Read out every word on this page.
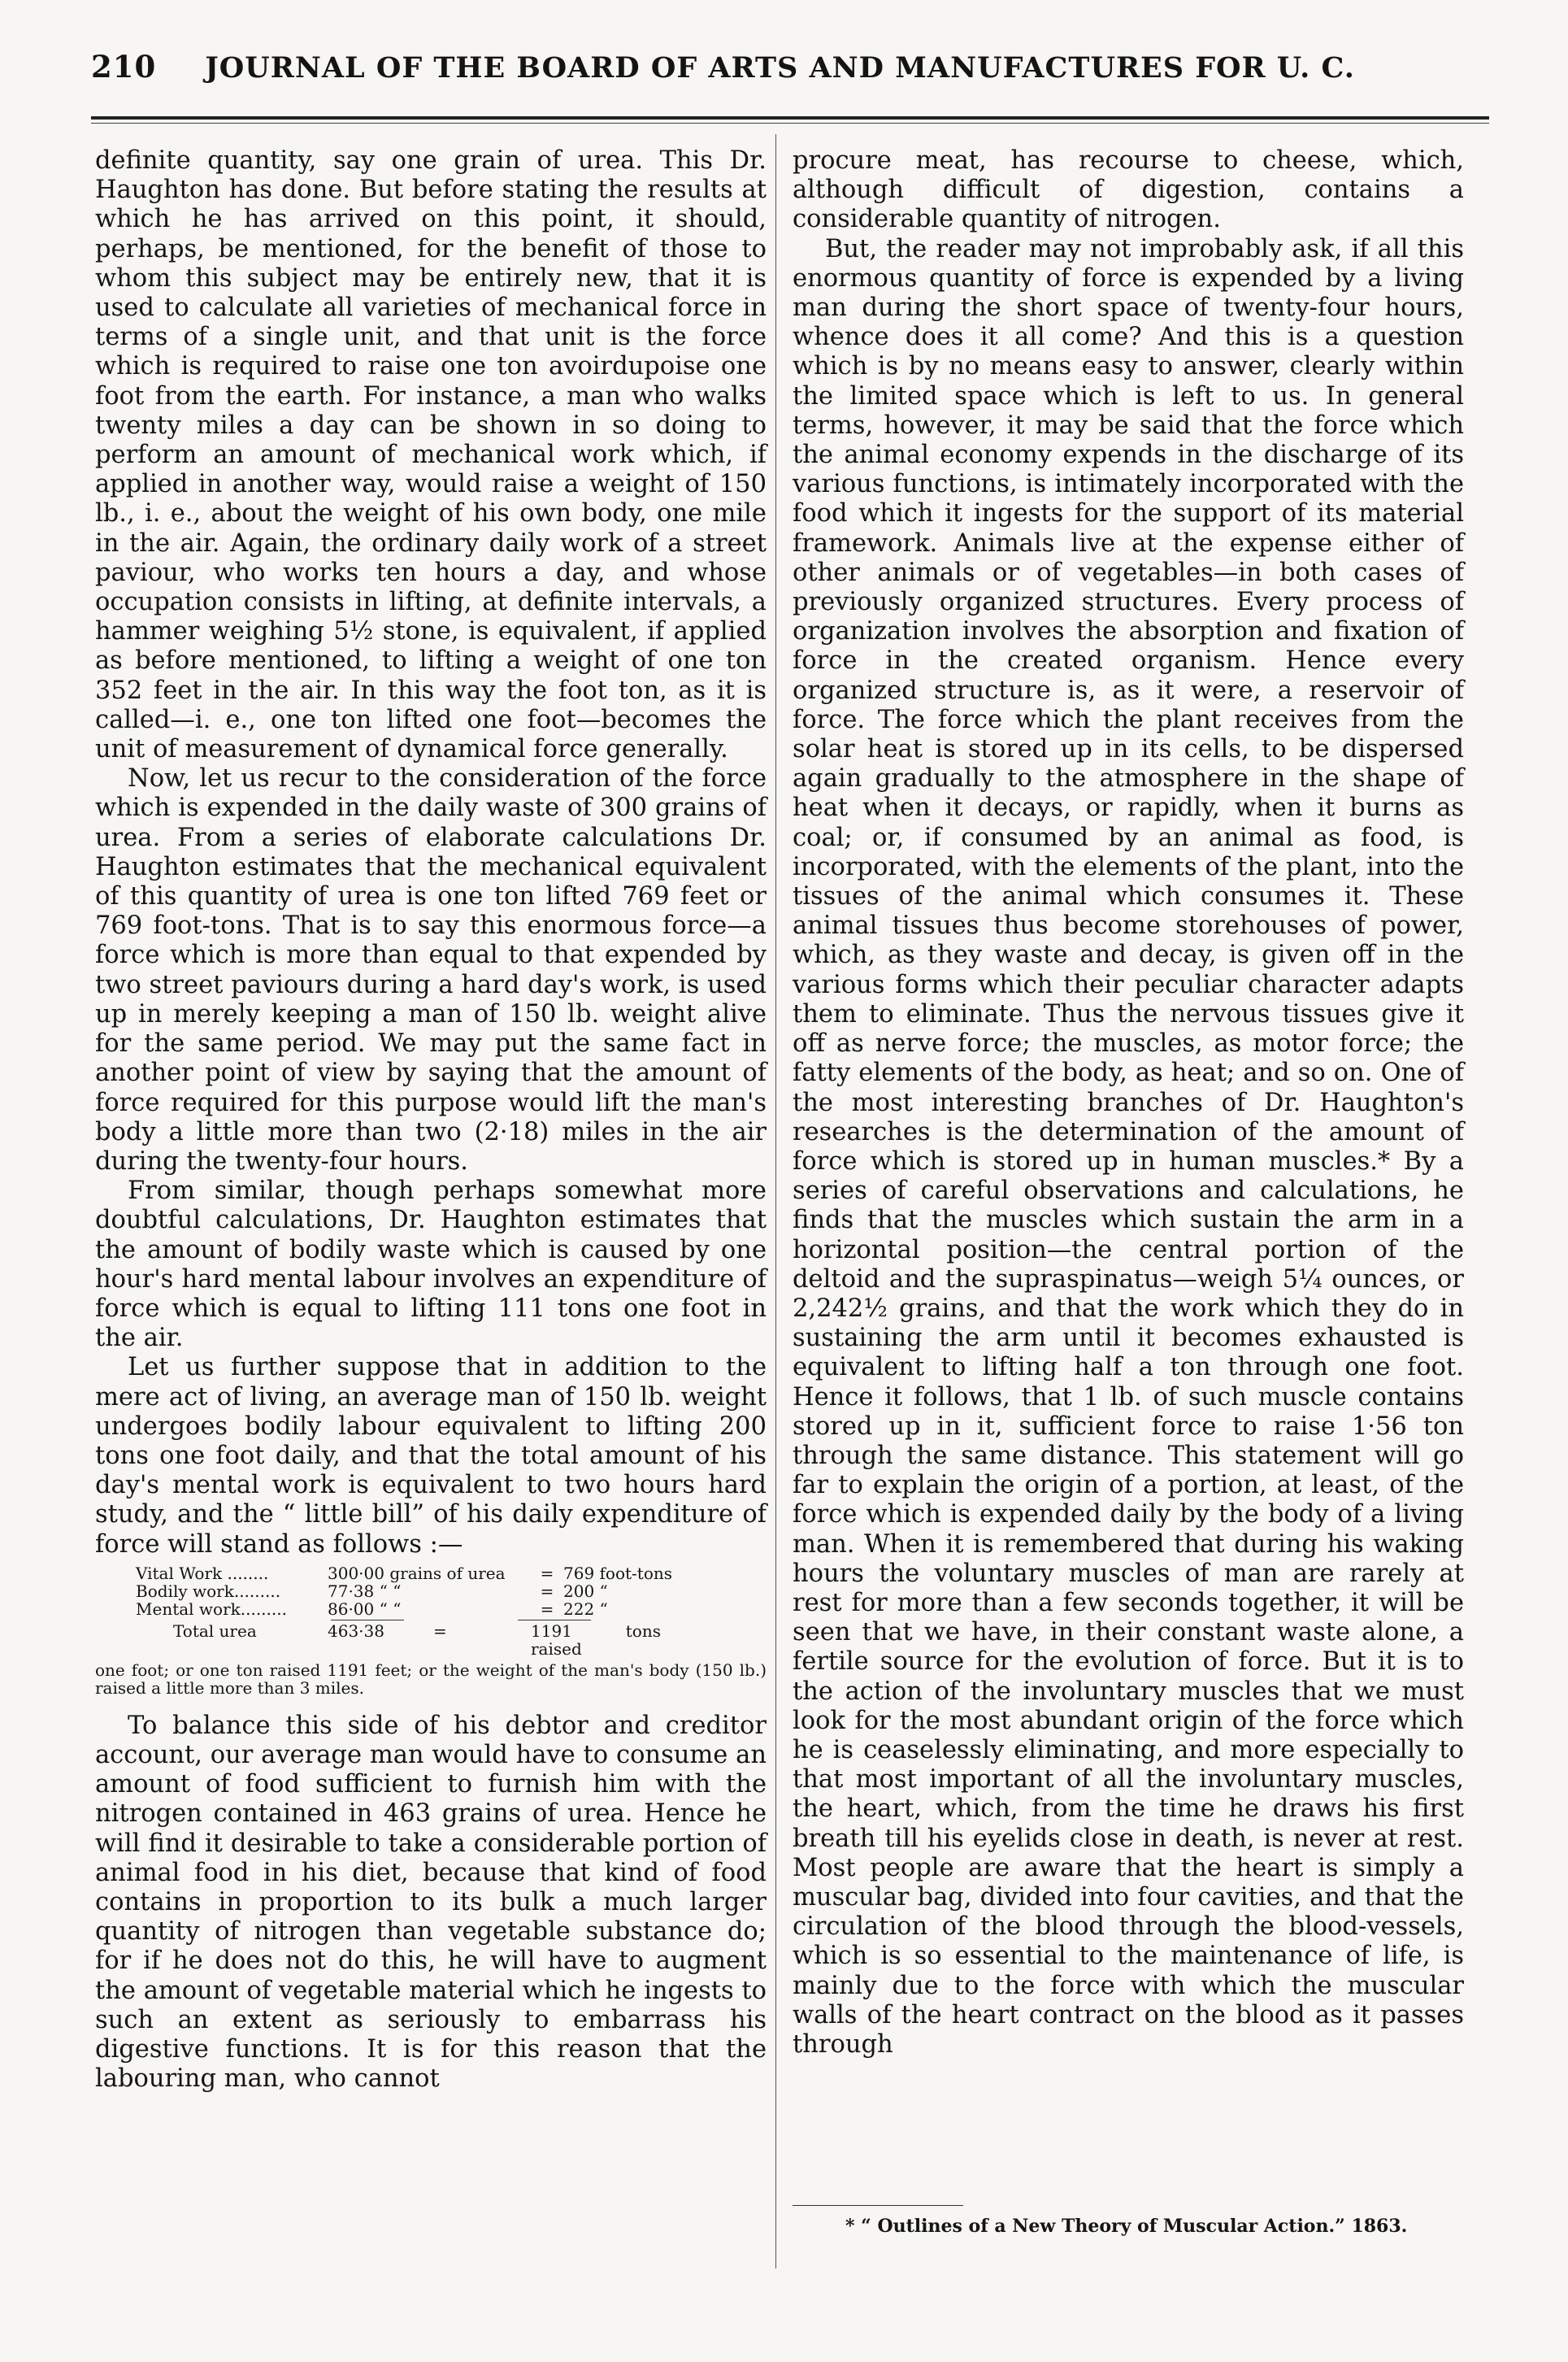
210 JOURNAL OF THE BOARD OF ARTS AND MANUFACTURES FOR U. C.

definite quantity, say one grain of urea. This Dr. Haughton has done. But before stating the results at which he has arrived on this point, it should, perhaps, be mentioned, for the benefit of those to whom this subject may be entirely new, that it is used to calculate all varieties of mechanical force in terms of a single unit, and that unit is the force which is required to raise one ton avoirdupoise one foot from the earth. For instance, a man who walks twenty miles a day can be shown in so doing to perform an amount of mechanical work which, if applied in another way, would raise a weight of 150 lb., i. e., about the weight of his own body, one mile in the air. Again, the ordinary daily work of a street paviour, who works ten hours a day, and whose occupation consists in lifting, at definite intervals, a hammer weighing 5½ stone, is equivalent, if applied as before mentioned, to lifting a weight of one ton 352 feet in the air. In this way the foot ton, as it is called—i. e., one ton lifted one foot—becomes the unit of measurement of dynamical force generally.

Now, let us recur to the consideration of the force which is expended in the daily waste of 300 grains of urea. From a series of elaborate calculations Dr. Haughton estimates that the mechanical equivalent of this quantity of urea is one ton lifted 769 feet or 769 foot-tons. That is to say this enormous force—a force which is more than equal to that expended by two street paviours during a hard day's work, is used up in merely keeping a man of 150 lb. weight alive for the same period. We may put the same fact in another point of view by saying that the amount of force required for this purpose would lift the man's body a little more than two (2·18) miles in the air during the twenty-four hours.

From similar, though perhaps somewhat more doubtful calculations, Dr. Haughton estimates that the amount of bodily waste which is caused by one hour's hard mental labour involves an expenditure of force which is equal to lifting 111 tons one foot in the air.

Let us further suppose that in addition to the mere act of living, an average man of 150 lb. weight undergoes bodily labour equivalent to lifting 200 tons one foot daily, and that the total amount of his day's mental work is equivalent to two hours hard study, and the “ little bill” of his daily expenditure of force will stand as follows :—

Vital Work ........	300·00 grains of urea	= 769 foot-tons
Bodily work.........	77·38 “ “	= 200 “
Mental work.........	86·00 “ “	= 222 “
Total urea	463·38	=	1191 tons raised
one foot; or one ton raised 1191 feet; or the weight of the man's body (150 lb.) raised a little more than 3 miles.

To balance this side of his debtor and creditor account, our average man would have to consume an amount of food sufficient to furnish him with the nitrogen contained in 463 grains of urea. Hence he will find it desirable to take a considerable portion of animal food in his diet, because that kind of food contains in proportion to its bulk a much larger quantity of nitrogen than vegetable substance do; for if he does not do this, he will have to augment the amount of vegetable material which he ingests to such an extent as seriously to embarrass his digestive functions. It is for this reason that the labouring man, who cannot

procure meat, has recourse to cheese, which, although difficult of digestion, contains a considerable quantity of nitrogen.

But, the reader may not improbably ask, if all this enormous quantity of force is expended by a living man during the short space of twenty-four hours, whence does it all come? And this is a question which is by no means easy to answer, clearly within the limited space which is left to us. In general terms, however, it may be said that the force which the animal economy expends in the discharge of its various functions, is intimately incorporated with the food which it ingests for the support of its material framework. Animals live at the expense either of other animals or of vegetables—in both cases of previously organized structures. Every process of organization involves the absorption and fixation of force in the created organism. Hence every organized structure is, as it were, a reservoir of force. The force which the plant receives from the solar heat is stored up in its cells, to be dispersed again gradually to the atmosphere in the shape of heat when it decays, or rapidly, when it burns as coal; or, if consumed by an animal as food, is incorporated, with the elements of the plant, into the tissues of the animal which consumes it. These animal tissues thus become storehouses of power, which, as they waste and decay, is given off in the various forms which their peculiar character adapts them to eliminate. Thus the nervous tissues give it off as nerve force; the muscles, as motor force; the fatty elements of the body, as heat; and so on. One of the most interesting branches of Dr. Haughton's researches is the determination of the amount of force which is stored up in human muscles.* By a series of careful observations and calculations, he finds that the muscles which sustain the arm in a horizontal position—the central portion of the deltoid and the supraspinatus—weigh 5¼ ounces, or 2,242½ grains, and that the work which they do in sustaining the arm until it becomes exhausted is equivalent to lifting half a ton through one foot. Hence it follows, that 1 lb. of such muscle contains stored up in it, sufficient force to raise 1·56 ton through the same distance. This statement will go far to explain the origin of a portion, at least, of the force which is expended daily by the body of a living man. When it is remembered that during his waking hours the voluntary muscles of man are rarely at rest for more than a few seconds together, it will be seen that we have, in their constant waste alone, a fertile source for the evolution of force. But it is to the action of the involuntary muscles that we must look for the most abundant origin of the force which he is ceaselessly eliminating, and more especially to that most important of all the involuntary muscles, the heart, which, from the time he draws his first breath till his eyelids close in death, is never at rest. Most people are aware that the heart is simply a muscular bag, divided into four cavities, and that the circulation of the blood through the blood-vessels, which is so essential to the maintenance of life, is mainly due to the force with which the muscular walls of the heart contract on the blood as it passes through

* “ Outlines of a New Theory of Muscular Action.” 1863.
